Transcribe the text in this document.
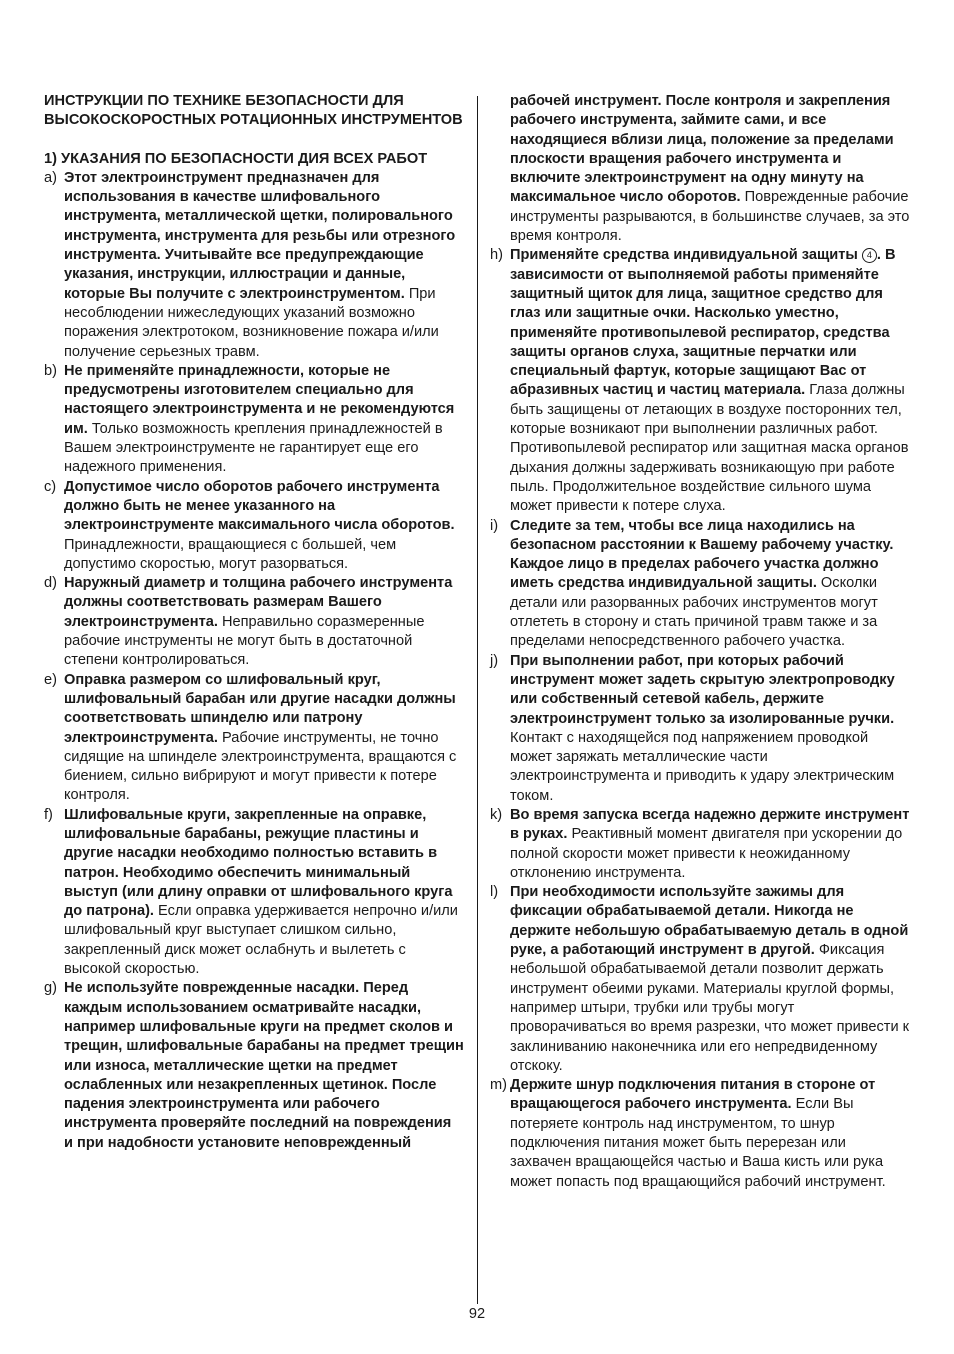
ИНСТРУКЦИИ ПО ТЕХНИКЕ БЕЗОПАСНОСТИ ДЛЯ ВЫСОКОСКОРОСТНЫХ РОТАЦИОННЫХ ИНСТРУМЕНТОВ

1) УКАЗАНИЯ ПО БЕЗОПАСНОСТИ ДИЯ ВСЕХ РАБОТ

a) Этот электроинструмент предназначен для использования в качестве шлифовального инструмента, металлической щетки, полировального инструмента, инструмента для резьбы или отрезного инструмента. Учитывайте все предупреждающие указания, инструкции, иллюстрации и данные, которые Вы получите с электроинструментом. При несоблюдении нижеследующих указаний возможно поражения электротоком, возникновение пожара и/или получение серьезных травм.

b) Не применяйте принадлежности, которые не предусмотрены изготовителем специально для настоящего электроинструмента и не рекомендуются им. Только возможность крепления принадлежностей в Вашем электроинструменте не гарантирует еще его надежного применения.

c) Допустимое число оборотов рабочего инструмента должно быть не менее указанного на электроинструменте максимального числа оборотов. Принадлежности, вращающиеся с большей, чем допустимо скоростью, могут разорваться.

d) Наружный диаметр и толщина рабочего инструмента должны соответствовать размерам Вашего электроинструмента. Неправильно соразмеренные рабочие инструменты не могут быть в достаточной степени контролироваться.

e) Оправка размером со шлифовальный круг, шлифовальный барабан или другие насадки должны соответствовать шпинделю или патрону электроинструмента. Рабочие инструменты, не точно сидящие на шпинделе электроинструмента, вращаются с биением, сильно вибрируют и могут привести к потере контроля.

f) Шлифовальные круги, закрепленные на оправке, шлифовальные барабаны, режущие пластины и другие насадки необходимо полностью вставить в патрон. Необходимо обеспечить минимальный выступ (или длину оправки от шлифовального круга до патрона). Если оправка удерживается непрочно и/или шлифовальный круг выступает слишком сильно, закрепленный диск может ослабнуть и вылететь с высокой скоростью.

g) Не используйте поврежденные насадки. Перед каждым использованием осматривайте насадки, например шлифовальные круги на предмет сколов и трещин, шлифовальные барабаны на предмет трещин или износа, металлические щетки на предмет ослабленных или незакрепленных щетинок. После падения электроинструмента или рабочего инструмента проверяйте последний на повреждения и при надобности установите неповрежденный

рабочей инструмент. После контроля и закрепления рабочего инструмента, займите сами, и все находящиеся вблизи лица, положение за пределами плоскости вращения рабочего инструмента и включите электроинструмент на одну минуту на максимальное число оборотов. Поврежденные рабочие инструменты разрываются, в большинстве случаев, за это время контроля.

h) Применяйте средства индивидуальной защиты 4 . В зависимости от выполняемой работы применяйте защитный щиток для лица, защитное средство для глаз или защитные очки. Насколько уместно, применяйте противопылевой респиратор, средства защиты органов слуха, защитные перчатки или специальный фартук, которые защищают Вас от абразивных частиц и частиц материала. Глаза должны быть защищены от летающих в воздухе посторонних тел, которые возникают при выполнении различных работ. Противопылевой респиратор или защитная маска органов дыхания должны задерживать возникающую при работе пыль. Продолжительное воздействие сильного шума может привести к потере слуха.

i) Следите за тем, чтобы все лица находились на безопасном расстоянии к Вашему рабочему участку. Каждое лицо в пределах рабочего участка должно иметь средства индивидуальной защиты. Осколки детали или разорванных рабочих инструментов могут отлететь в сторону и стать причиной травм также и за пределами непосредственного рабочего участка.

j) При выполнении работ, при которых рабочий инструмент может задеть скрытую электропроводку или собственный сетевой кабель, держите электроинструмент только за изолированные ручки. Контакт с находящейся под напряжением проводкой может заряжать металлические части электроинструмента и приводить к удару электрическим током.

k) Во время запуска всегда надежно держите инструмент в руках. Реактивный момент двигателя при ускорении до полной скорости может привести к неожиданному отклонению инструмента.

l) При необходимости используйте зажимы для фиксации обрабатываемой детали. Никогда не держите небольшую обрабатываемую деталь в одной руке, а работающий инструмент в другой. Фиксация небольшой обрабатываемой детали позволит держать инструмент обеими руками. Материалы круглой формы, например штыри, трубки или трубы могут проворачиваться во время разрезки, что может привести к заклиниванию наконечника или его непредвиденному отскоку.

m) Держите шнур подключения питания в стороне от вращающегося рабочего инструмента. Если Вы потеряете контроль над инструментом, то шнур подключения питания может быть перерезан или захвачен вращающейся частью и Ваша кисть или рука может попасть под вращающийся рабочий инструмент.

92
